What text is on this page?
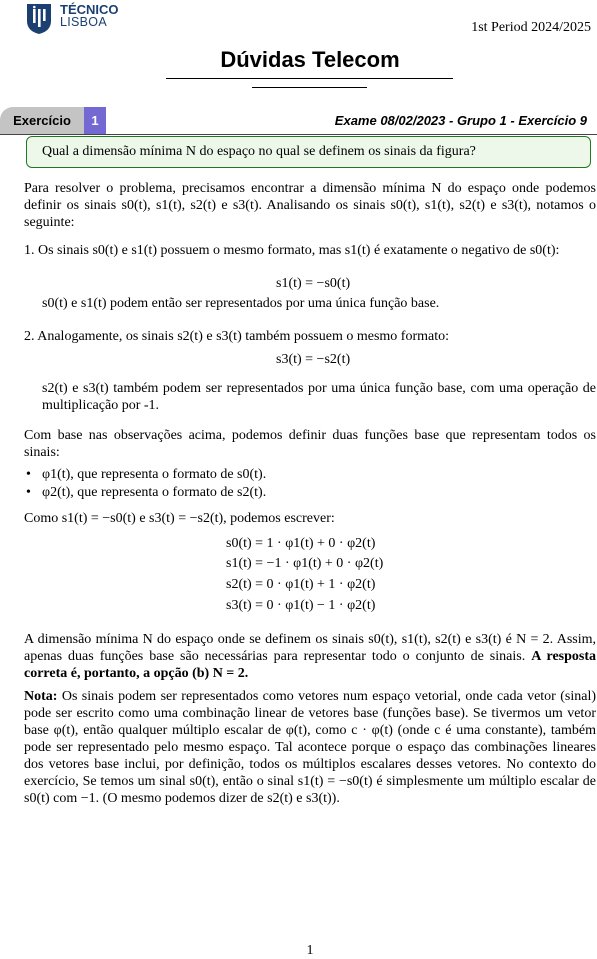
TÉCNICO
LISBOA	1st Period 2024/2025
Dúvidas Telecom
Exercício	1	Exame 08/02/2023 - Grupo 1 - Exercício 9
Qual a dimensão mínima N do espaço no qual se definem os sinais da figura?
Para resolver o problema, precisamos encontrar a dimensão mínima N do espaço onde podemos definir os sinais s0(t), s1(t), s2(t) e s3(t). Analisando os sinais s0(t), s1(t), s2(t) e s3(t), notamos o seguinte:
1. Os sinais s0(t) e s1(t) possuem o mesmo formato, mas s1(t) é exatamente o negativo de s0(t):
s1(t) = −s0(t)
s0(t) e s1(t) podem então ser representados por uma única função base.
2. Analogamente, os sinais s2(t) e s3(t) também possuem o mesmo formato:
s3(t) = −s2(t)
s2(t) e s3(t) também podem ser representados por uma única função base, com uma operação de multiplicação por -1.
Com base nas observações acima, podemos definir duas funções base que representam todos os sinais:
• φ1(t), que representa o formato de s0(t).
• φ2(t), que representa o formato de s2(t).
Como s1(t) = −s0(t) e s3(t) = −s2(t), podemos escrever:
s0(t) = 1 · φ1(t) + 0 · φ2(t)
s1(t) = −1 · φ1(t) + 0 · φ2(t)
s2(t) = 0 · φ1(t) + 1 · φ2(t)
s3(t) = 0 · φ1(t) − 1 · φ2(t)
A dimensão mínima N do espaço onde se definem os sinais s0(t), s1(t), s2(t) e s3(t) é N = 2. Assim, apenas duas funções base são necessárias para representar todo o conjunto de sinais. A resposta correta é, portanto, a opção (b) N = 2.
Nota: Os sinais podem ser representados como vetores num espaço vetorial, onde cada vetor (sinal) pode ser escrito como uma combinação linear de vetores base (funções base). Se tivermos um vetor base φ(t), então qualquer múltiplo escalar de φ(t), como c · φ(t) (onde c é uma constante), também pode ser representado pelo mesmo espaço. Tal acontece porque o espaço das combinações lineares dos vetores base inclui, por definição, todos os múltiplos escalares desses vetores. No contexto do exercício, Se temos um sinal s0(t), então o sinal s1(t) = −s0(t) é simplesmente um múltiplo escalar de s0(t) com −1. (O mesmo podemos dizer de s2(t) e s3(t)).
1
